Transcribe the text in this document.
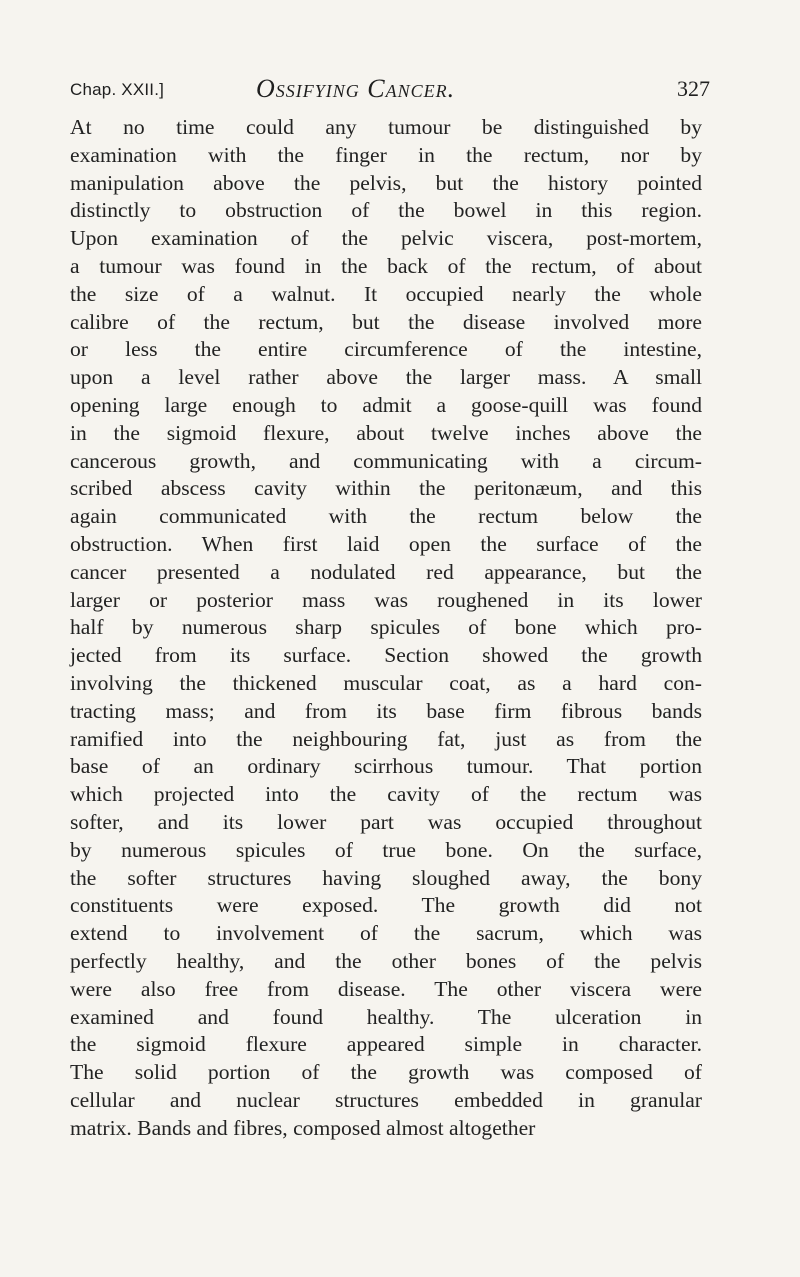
Chap. XXII.]	Ossifying Cancer.	327
At no time could any tumour be distinguished by
examination with the finger in the rectum, nor by
manipulation above the pelvis, but the history pointed
distinctly to obstruction of the bowel in this region.
Upon examination of the pelvic viscera, post-mortem,
a tumour was found in the back of the rectum, of about
the size of a walnut. It occupied nearly the whole
calibre of the rectum, but the disease involved more
or less the entire circumference of the intestine,
upon a level rather above the larger mass. A small
opening large enough to admit a goose-quill was found
in the sigmoid flexure, about twelve inches above the
cancerous growth, and communicating with a circum-
scribed abscess cavity within the peritonæum, and this
again communicated with the rectum below the
obstruction. When first laid open the surface of the
cancer presented a nodulated red appearance, but the
larger or posterior mass was roughened in its lower
half by numerous sharp spicules of bone which pro-
jected from its surface. Section showed the growth
involving the thickened muscular coat, as a hard con-
tracting mass; and from its base firm fibrous bands
ramified into the neighbouring fat, just as from the
base of an ordinary scirrhous tumour. That portion
which projected into the cavity of the rectum was
softer, and its lower part was occupied throughout
by numerous spicules of true bone. On the surface,
the softer structures having sloughed away, the bony
constituents were exposed. The growth did not
extend to involvement of the sacrum, which was
perfectly healthy, and the other bones of the pelvis
were also free from disease. The other viscera were
examined and found healthy. The ulceration in
the sigmoid flexure appeared simple in character.
The solid portion of the growth was composed of
cellular and nuclear structures embedded in granular
matrix. Bands and fibres, composed almost altogether
